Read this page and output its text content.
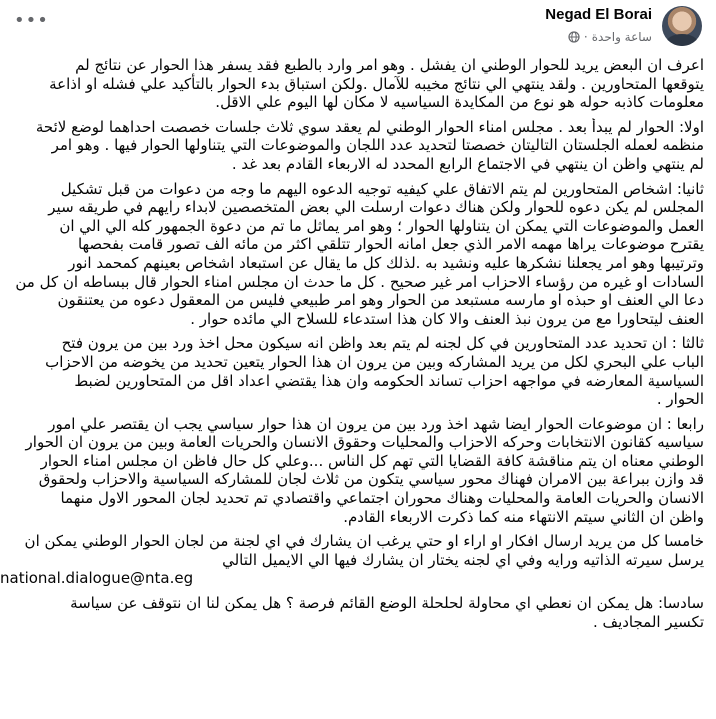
•••	Negad El Borai
ساعة واحدة
·

اعرف ان البعض يريد للحوار الوطني ان يفشل . وهو امر وارد بالطبع فقد يسفر هذا الحوار عن نتائج لم
يتوقعها المتحاورين . ولقد ينتهي الي نتائج مخيبه للآمال .ولكن استباق بدء الحوار بالتأكيد علي فشله او اذاعة
معلومات كاذبه حوله هو نوع من المكايدة السياسيه لا مكان لها اليوم علي الاقل.

اولا: الحوار لم يبدأ بعد . مجلس امناء الحوار الوطني لم يعقد سوي ثلاث جلسات خصصت احداهما لوضع لائحة
منظمه لعمله الجلستان التاليتان خصصتا لتحديد عدد اللجان والموضوعات التي يتناولها الحوار فيها . وهو امر
لم ينتهي واظن ان ينتهي في الاجتماع الرابع المحدد له الاربعاء القادم بعد غد .

ثانيا: اشخاص المتحاورين لم يتم الاتفاق علي كيفيه توجيه الدعوه اليهم ما وجه من دعوات من قبل تشكيل
المجلس لم يكن دعوه للحوار ولكن هناك دعوات ارسلت الي بعض المتخصصين لابداء رايهم في طريقه سير
العمل والموضوعات التي يمكن ان يتناولها الحوار ؛ وهو امر يماثل ما تم من دعوة الجمهور كله الي الي ان
يقترح موضوعات يراها مهمه الامر الذي جعل امانه الحوار تتلقي اكثر من مائه الف تصور قامت بفحصها
وترتيبها وهو امر يجعلنا نشكرها عليه ونشيد به .لذلك كل ما يقال عن استبعاد اشخاص بعينهم كمحمد انور
السادات او غيره من رؤساء الاحزاب امر غير صحيح . كل ما حدث ان مجلس امناء الحوار قال ببساطه ان كل من
دعا الي العنف او حبذه او مارسه مستبعد من الحوار وهو امر طبيعي فليس من المعقول دعوه من يعتنقون
العنف ليتحاورا مع من يرون نبذ العنف والا كان هذا استدعاء للسلاح الي مائده حوار .

ثالثا : ان تحديد عدد المتحاورين في كل لجنه لم يتم بعد واظن انه سيكون محل اخذ ورد بين من يرون فتح
الباب علي البحري لكل من يريد المشاركه وبين من يرون ان هذا الحوار يتعين تحديد من يخوضه من الاحزاب
السياسية المعارضه في مواجهه احزاب تساند الحكومه وان هذا يقتضي اعداد اقل من المتحاورين لضبط
الحوار .

رابعا : ان موضوعات الحوار ايضا شهد اخذ ورد بين من يرون ان هذا حوار سياسي يجب ان يقتصر علي امور
سياسيه كقانون الانتخابات وحركه الاحزاب والمحليات وحقوق الانسان والحريات العامة وبين من يرون ان الحوار
الوطني معناه ان يتم مناقشة كافة القضايا التي تهم كل الناس ...وعلي كل حال فاظن ان مجلس امناء الحوار
قد وازن ببراعة بين الامران فهناك محور سياسي يتكون من ثلاث لجان للمشاركه السياسية والاحزاب ولحقوق
الانسان والحريات العامة والمحليات وهناك محوران اجتماعي واقتصادي تم تحديد لجان المحور الاول منهما
واظن ان الثاني سيتم الانتهاء منه كما ذكرت الاربعاء القادم.

خامسا كل من يريد ارسال افكار او اراء او حتي يرغب ان يشارك في اي لجنة من لجان الحوار الوطني يمكن ان
يرسل سيرته الذاتيه ورايه وفي اي لجنه يختار ان يشارك فيها الي الايميل التالي
national.dialogue@nta.eg

سادسا: هل يمكن ان نعطي اي محاولة لحلحلة الوضع القائم فرصة ؟ هل يمكن لنا ان نتوقف عن سياسة
تكسير المجاديف .
